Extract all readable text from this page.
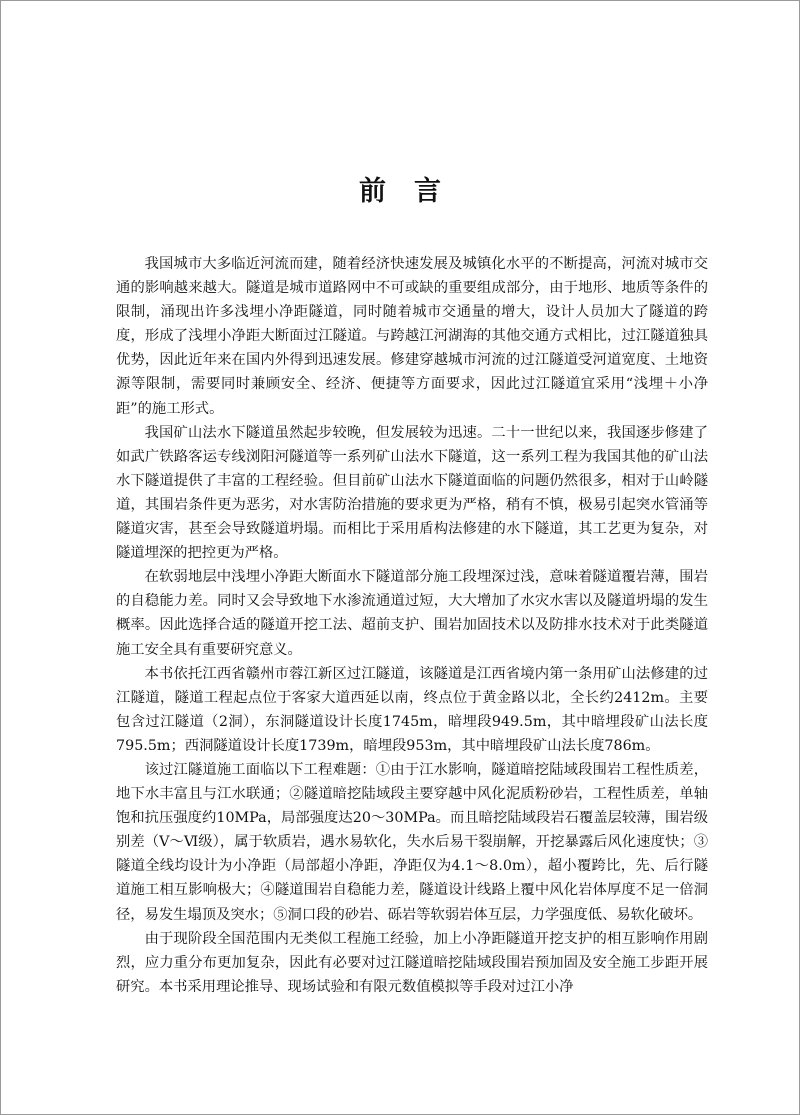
前言

我国城市大多临近河流而建，随着经济快速发展及城镇化水平的不断提高，河流对城市交通的影响越来越大。隧道是城市道路网中不可或缺的重要组成部分，由于地形、地质等条件的限制，涌现出许多浅埋小净距隧道，同时随着城市交通量的增大，设计人员加大了隧道的跨度，形成了浅埋小净距大断面过江隧道。与跨越江河湖海的其他交通方式相比，过江隧道独具优势，因此近年来在国内外得到迅速发展。修建穿越城市河流的过江隧道受河道宽度、土地资源等限制，需要同时兼顾安全、经济、便捷等方面要求，因此过江隧道宜采用“浅埋＋小净距”的施工形式。

我国矿山法水下隧道虽然起步较晚，但发展较为迅速。二十一世纪以来，我国逐步修建了如武广铁路客运专线浏阳河隧道等一系列矿山法水下隧道，这一系列工程为我国其他的矿山法水下隧道提供了丰富的工程经验。但目前矿山法水下隧道面临的问题仍然很多，相对于山岭隧道，其围岩条件更为恶劣，对水害防治措施的要求更为严格，稍有不慎，极易引起突水管涌等隧道灾害，甚至会导致隧道坍塌。而相比于采用盾构法修建的水下隧道，其工艺更为复杂，对隧道埋深的把控更为严格。

在软弱地层中浅埋小净距大断面水下隧道部分施工段埋深过浅，意味着隧道覆岩薄，围岩的自稳能力差。同时又会导致地下水渗流通道过短，大大增加了水灾水害以及隧道坍塌的发生概率。因此选择合适的隧道开挖工法、超前支护、围岩加固技术以及防排水技术对于此类隧道施工安全具有重要研究意义。

本书依托江西省赣州市蓉江新区过江隧道，该隧道是江西省境内第一条用矿山法修建的过江隧道，隧道工程起点位于客家大道西延以南，终点位于黄金路以北，全长约2412m。主要包含过江隧道（2洞），东洞隧道设计长度1745m，暗埋段949.5m，其中暗埋段矿山法长度795.5m；西洞隧道设计长度1739m，暗埋段953m，其中暗埋段矿山法长度786m。

该过江隧道施工面临以下工程难题：①由于江水影响，隧道暗挖陆域段围岩工程性质差，地下水丰富且与江水联通；②隧道暗挖陆域段主要穿越中风化泥质粉砂岩，工程性质差，单轴饱和抗压强度约10MPa，局部强度达20～30MPa。而且暗挖陆域段岩石覆盖层较薄，围岩级别差（Ⅴ～Ⅵ级），属于软质岩，遇水易软化，失水后易干裂崩解，开挖暴露后风化速度快；③隧道全线均设计为小净距（局部超小净距，净距仅为4.1～8.0m），超小覆跨比，先、后行隧道施工相互影响极大；④隧道围岩自稳能力差，隧道设计线路上覆中风化岩体厚度不足一倍洞径，易发生塌顶及突水；⑤洞口段的砂岩、砾岩等软弱岩体互层，力学强度低、易软化破坏。

由于现阶段全国范围内无类似工程施工经验，加上小净距隧道开挖支护的相互影响作用剧烈，应力重分布更加复杂，因此有必要对过江隧道暗挖陆域段围岩预加固及安全施工步距开展研究。本书采用理论推导、现场试验和有限元数值模拟等手段对过江小净
